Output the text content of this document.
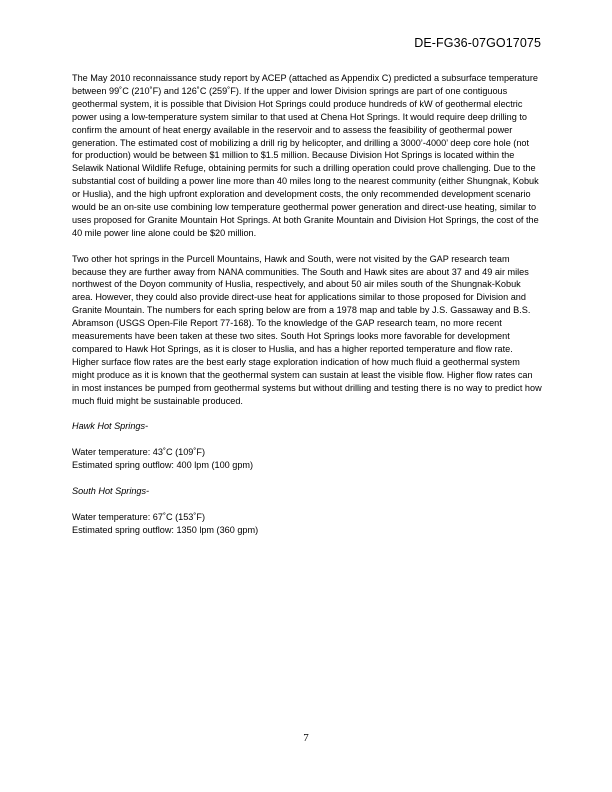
DE-FG36-07GO17075

The May 2010 reconnaissance study report by ACEP (attached as Appendix C) predicted a subsurface temperature between 99˚C (210˚F) and 126˚C (259˚F). If the upper and lower Division springs are part of one contiguous geothermal system, it is possible that Division Hot Springs could produce hundreds of kW of geothermal electric power using a low-temperature system similar to that used at Chena Hot Springs. It would require deep drilling to confirm the amount of heat energy available in the reservoir and to assess the feasibility of geothermal power generation. The estimated cost of mobilizing a drill rig by helicopter, and drilling a 3000’-4000’ deep core hole (not for production) would be between $1 million to $1.5 million. Because Division Hot Springs is located within the Selawik National Wildlife Refuge, obtaining permits for such a drilling operation could prove challenging. Due to the substantial cost of building a power line more than 40 miles long to the nearest community (either Shungnak, Kobuk or Huslia), and the high upfront exploration and development costs, the only recommended development scenario would be an on-site use combining low temperature geothermal power generation and direct-use heating, similar to uses proposed for Granite Mountain Hot Springs. At both Granite Mountain and Division Hot Springs, the cost of the 40 mile power line alone could be $20 million.

Two other hot springs in the Purcell Mountains, Hawk and South, were not visited by the GAP research team because they are further away from NANA communities. The South and Hawk sites are about 37 and 49 air miles northwest of the Doyon community of Huslia, respectively, and about 50 air miles south of the Shungnak-Kobuk area. However, they could also provide direct-use heat for applications similar to those proposed for Division and Granite Mountain. The numbers for each spring below are from a 1978 map and table by J.S. Gassaway and B.S. Abramson (USGS Open-File Report 77-168). To the knowledge of the GAP research team, no more recent measurements have been taken at these two sites. South Hot Springs looks more favorable for development compared to Hawk Hot Springs, as it is closer to Huslia, and has a higher reported temperature and flow rate. Higher surface flow rates are the best early stage exploration indication of how much fluid a geothermal system might produce as it is known that the geothermal system can sustain at least the visible flow. Higher flow rates can in most instances be pumped from geothermal systems but without drilling and testing there is no way to predict how much fluid might be sustainable produced.

Hawk Hot Springs-

Water temperature: 43˚C (109˚F)

Estimated spring outflow: 400 lpm (100 gpm)

South Hot Springs-

Water temperature: 67˚C (153˚F)

Estimated spring outflow: 1350 lpm (360 gpm)

7
